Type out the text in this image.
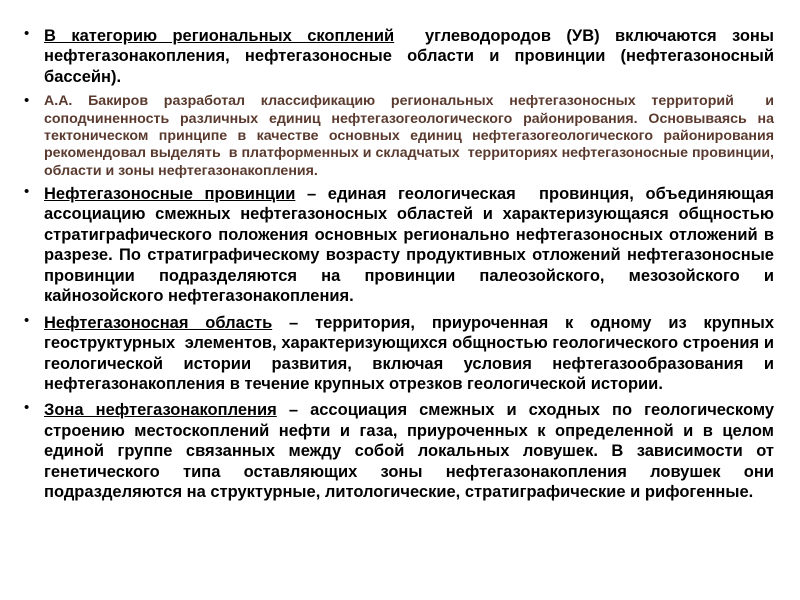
• В категорию региональных скоплений  углеводородов (УВ) включаются зоны нефтегазонакопления, нефтегазоносные области и провинции (нефтегазоносный бассейн).

• А.А. Бакиров разработал классификацию региональных нефтегазоносных территорий  и соподчиненность различных единиц нефтегазогеологического районирования. Основываясь на тектоническом принципе в качестве основных единиц нефтегазогеологического районирования рекомендовал выделять  в платформенных и складчатых  территориях нефтегазоносные провинции, области и зоны нефтегазонакопления.

• Нефтегазоносные провинции – единая геологическая  провинция, объединяющая ассоциацию смежных нефтегазоносных областей и характеризующаяся общностью стратиграфического положения основных регионально нефтегазоносных отложений в разрезе. По стратиграфическому возрасту продуктивных отложений нефтегазоносные провинции подразделяются на провинции палеозойского, мезозойского и кайнозойского нефтегазонакопления.

• Нефтегазоносная область – территория, приуроченная к одному из крупных геоструктурных  элементов, характеризующихся общностью геологического строения и геологической истории развития, включая условия нефтегазообразования и нефтегазонакопления в течение крупных отрезков геологической истории.

• Зона нефтегазонакопления – ассоциация смежных и сходных по геологическому строению местоскоплений нефти и газа, приуроченных к определенной и в целом единой группе связанных между собой локальных ловушек. В зависимости от  генетического типа оставляющих зоны нефтегазонакопления ловушек они подразделяются на структурные, литологические, стратиграфические и рифогенные.
